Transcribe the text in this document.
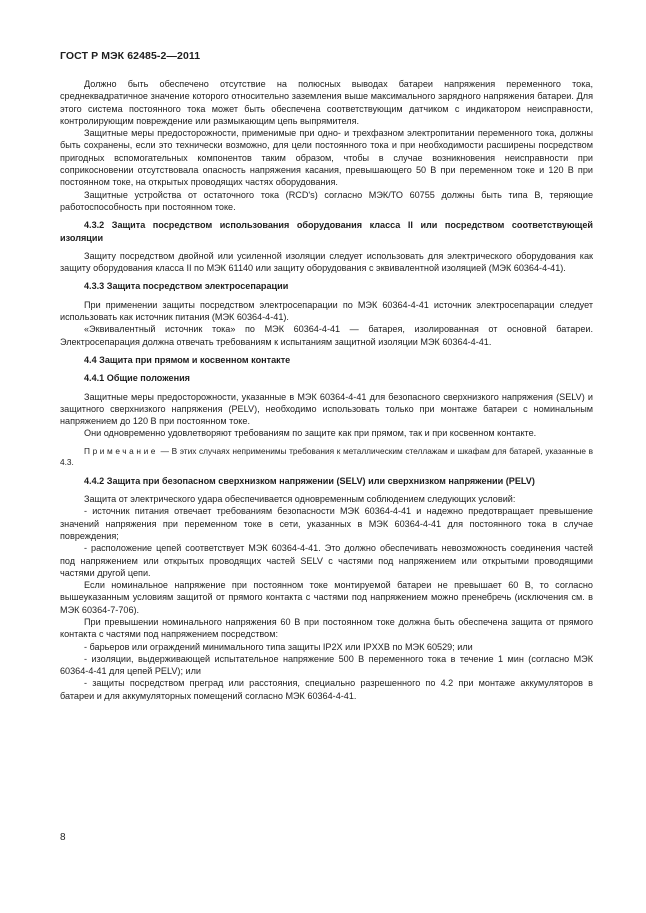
ГОСТ Р МЭК 62485-2—2011

Должно быть обеспечено отсутствие на полюсных выводах батареи напряжения переменного тока, среднеквадратичное значение которого относительно заземления выше максимального зарядного напряжения батареи. Для этого система постоянного тока может быть обеспечена соответствующим датчиком с индикатором неисправности, контролирующим повреждение или размыкающим цепь выпрямителя.

Защитные меры предосторожности, применимые при одно- и трехфазном электропитании переменного тока, должны быть сохранены, если это технически возможно, для цели постоянного тока и при необходимости расширены посредством пригодных вспомогательных компонентов таким образом, чтобы в случае возникновения неисправности при соприкосновении отсутствовала опасность напряжения касания, превышающего 50 В при переменном токе и 120 В при постоянном токе, на открытых проводящих частях оборудования.

Защитные устройства от остаточного тока (RCD's) согласно МЭК/ТО 60755 должны быть типа В, теряющие работоспособность при постоянном токе.

4.3.2 Защита посредством использования оборудования класса II или посредством соответствующей изоляции

Защиту посредством двойной или усиленной изоляции следует использовать для электрического оборудования как защиту оборудования класса II по МЭК 61140 или защиту оборудования с эквивалентной изоляцией (МЭК 60364-4-41).

4.3.3 Защита посредством электросепарации

При применении защиты посредством электросепарации по МЭК 60364-4-41 источник электросепарации следует использовать как источник питания (МЭК 60364-4-41).

«Эквивалентный источник тока» по МЭК 60364-4-41 — батарея, изолированная от основной батареи. Электросепарация должна отвечать требованиям к испытаниям защитной изоляции МЭК 60364-4-41.

4.4 Защита при прямом и косвенном контакте
4.4.1 Общие положения

Защитные меры предосторожности, указанные в МЭК 60364-4-41 для безопасного сверхнизкого напряжения (SELV) и защитного сверхнизкого напряжения (PELV), необходимо использовать только при монтаже батареи с номинальным напряжением до 120 В при постоянном токе.

Они одновременно удовлетворяют требованиям по защите как при прямом, так и при косвенном контакте.

Примечание — В этих случаях неприменимы требования к металлическим стеллажам и шкафам для батарей, указанные в 4.3.

4.4.2 Защита при безопасном сверхнизком напряжении (SELV) или сверхнизком напряжении (PELV)

Защита от электрического удара обеспечивается одновременным соблюдением следующих условий:

- источник питания отвечает требованиям безопасности МЭК 60364-4-41 и надежно предотвращает превышение значений напряжения при переменном токе в сети, указанных в МЭК 60364-4-41 для постоянного тока в случае повреждения;

- расположение цепей соответствует МЭК 60364-4-41. Это должно обеспечивать невозможность соединения частей под напряжением или открытых проводящих частей SELV с частями под напряжением или открытыми проводящими частями другой цепи.

Если номинальное напряжение при постоянном токе монтируемой батареи не превышает 60 В, то согласно вышеуказанным условиям защитой от прямого контакта с частями под напряжением можно пренебречь (исключения см. в МЭК 60364-7-706).

При превышении номинального напряжения 60 В при постоянном токе должна быть обеспечена защита от прямого контакта с частями под напряжением посредством:

- барьеров или ограждений минимального типа защиты IP2X или IPXXB по МЭК 60529; или

- изоляции, выдерживающей испытательное напряжение 500 В переменного тока в течение 1 мин (согласно МЭК 60364-4-41 для цепей PELV); или

- защиты посредством преград или расстояния, специально разрешенного по 4.2 при монтаже аккумуляторов в батареи и для аккумуляторных помещений согласно МЭК 60364-4-41.

8
